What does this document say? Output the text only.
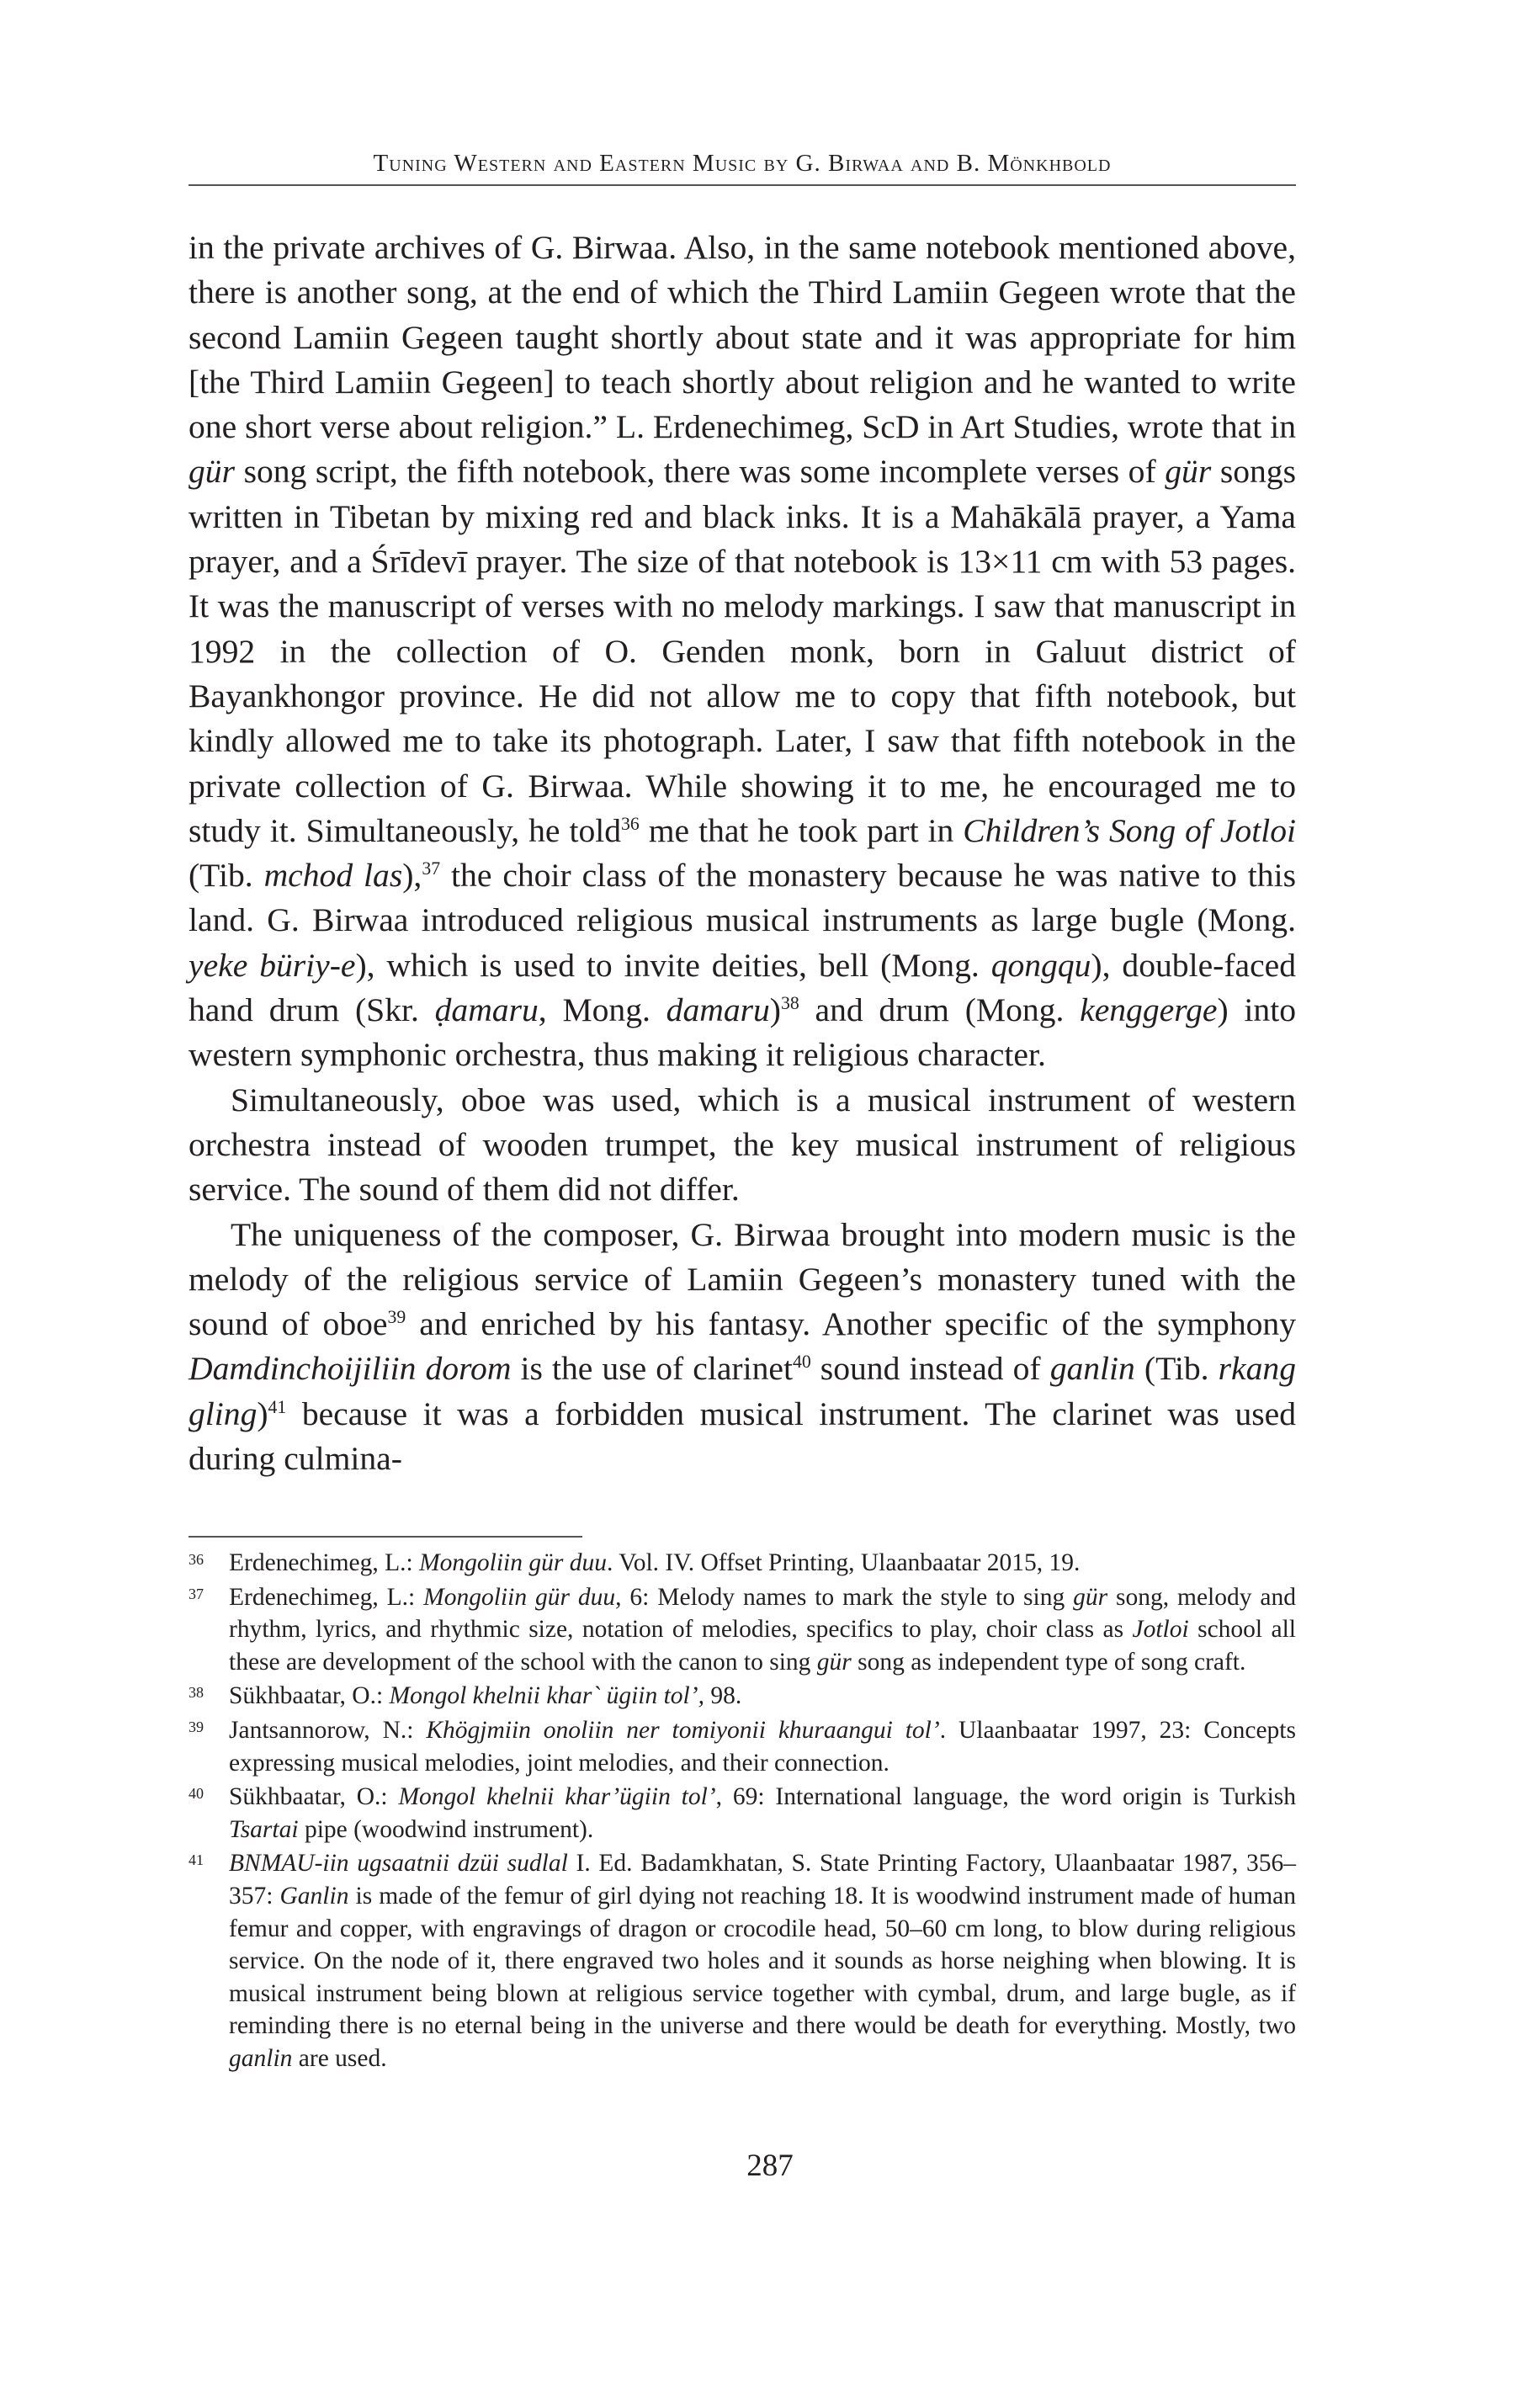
Tuning Western and Eastern Music by G. Birwaa and B. Mönkhbold

in the private archives of G. Birwaa. Also, in the same notebook mentioned above, there is another song, at the end of which the Third Lamiin Gegeen wrote that the second Lamiin Gegeen taught shortly about state and it was appropriate for him [the Third Lamiin Gegeen] to teach shortly about religion and he wanted to write one short verse about religion.” L. Erdenechimeg, ScD in Art Studies, wrote that in gür song script, the fifth notebook, there was some incomplete verses of gür songs written in Tibetan by mixing red and black inks. It is a Mahākālā prayer, a Yama prayer, and a Śrīdevī prayer. The size of that notebook is 13×11 cm with 53 pages. It was the manuscript of verses with no melody markings. I saw that manuscript in 1992 in the collection of O. Genden monk, born in Galuut district of Bayankhongor province. He did not allow me to copy that fifth notebook, but kindly allowed me to take its photograph. Later, I saw that fifth notebook in the private collection of G. Birwaa. While showing it to me, he encouraged me to study it. Simultaneously, he told$^{36}$ me that he took part in Children’s Song of Jotloi (Tib. mchod las),$^{37}$ the choir class of the monastery because he was native to this land. G. Birwaa introduced religious musical instruments as large bugle (Mong. yeke büriy-e), which is used to invite deities, bell (Mong. qongqu), double-faced hand drum (Skr. ḍamaru, Mong. damaru)$^{38}$ and drum (Mong. kenggerge) into western symphonic orchestra, thus making it religious character.

Simultaneously, oboe was used, which is a musical instrument of western orchestra instead of wooden trumpet, the key musical instrument of religious service. The sound of them did not differ.

The uniqueness of the composer, G. Birwaa brought into modern music is the melody of the religious service of Lamiin Gegeen’s monastery tuned with the sound of oboe$^{39}$ and enriched by his fantasy. Another specific of the symphony Damdinchoijiliin dorom is the use of clarinet$^{40}$ sound instead of ganlin (Tib. rkang gling)$^{41}$ because it was a forbidden musical instrument. The clarinet was used during culmina-

36 Erdenechimeg, L.: Mongoliin gür duu. Vol. IV. Offset Printing, Ulaanbaatar 2015, 19.
37 Erdenechimeg, L.: Mongoliin gür duu, 6: Melody names to mark the style to sing gür song, melody and rhythm, lyrics, and rhythmic size, notation of melodies, specifics to play, choir class as Jotloi school all these are development of the school with the canon to sing gür song as independent type of song craft.
38 Sükhbaatar, O.: Mongol khelnii khar` ügiin tol’, 98.
39 Jantsannorow, N.: Khögjmiin onoliin ner tomiyonii khuraangui tol’. Ulaanbaatar 1997, 23: Concepts expressing musical melodies, joint melodies, and their connection.
40 Sükhbaatar, O.: Mongol khelnii khar’ügiin tol’, 69: International language, the word origin is Turkish Tsartai pipe (woodwind instrument).
41 BNMAU-iin ugsaatnii dzüi sudlal I. Ed. Badamkhatan, S. State Printing Factory, Ulaanbaatar 1987, 356–357: Ganlin is made of the femur of girl dying not reaching 18. It is woodwind instrument made of human femur and copper, with engravings of dragon or crocodile head, 50–60 cm long, to blow during religious service. On the node of it, there engraved two holes and it sounds as horse neighing when blowing. It is musical instrument being blown at religious service together with cymbal, drum, and large bugle, as if reminding there is no eternal being in the universe and there would be death for everything. Mostly, two ganlin are used.
287
